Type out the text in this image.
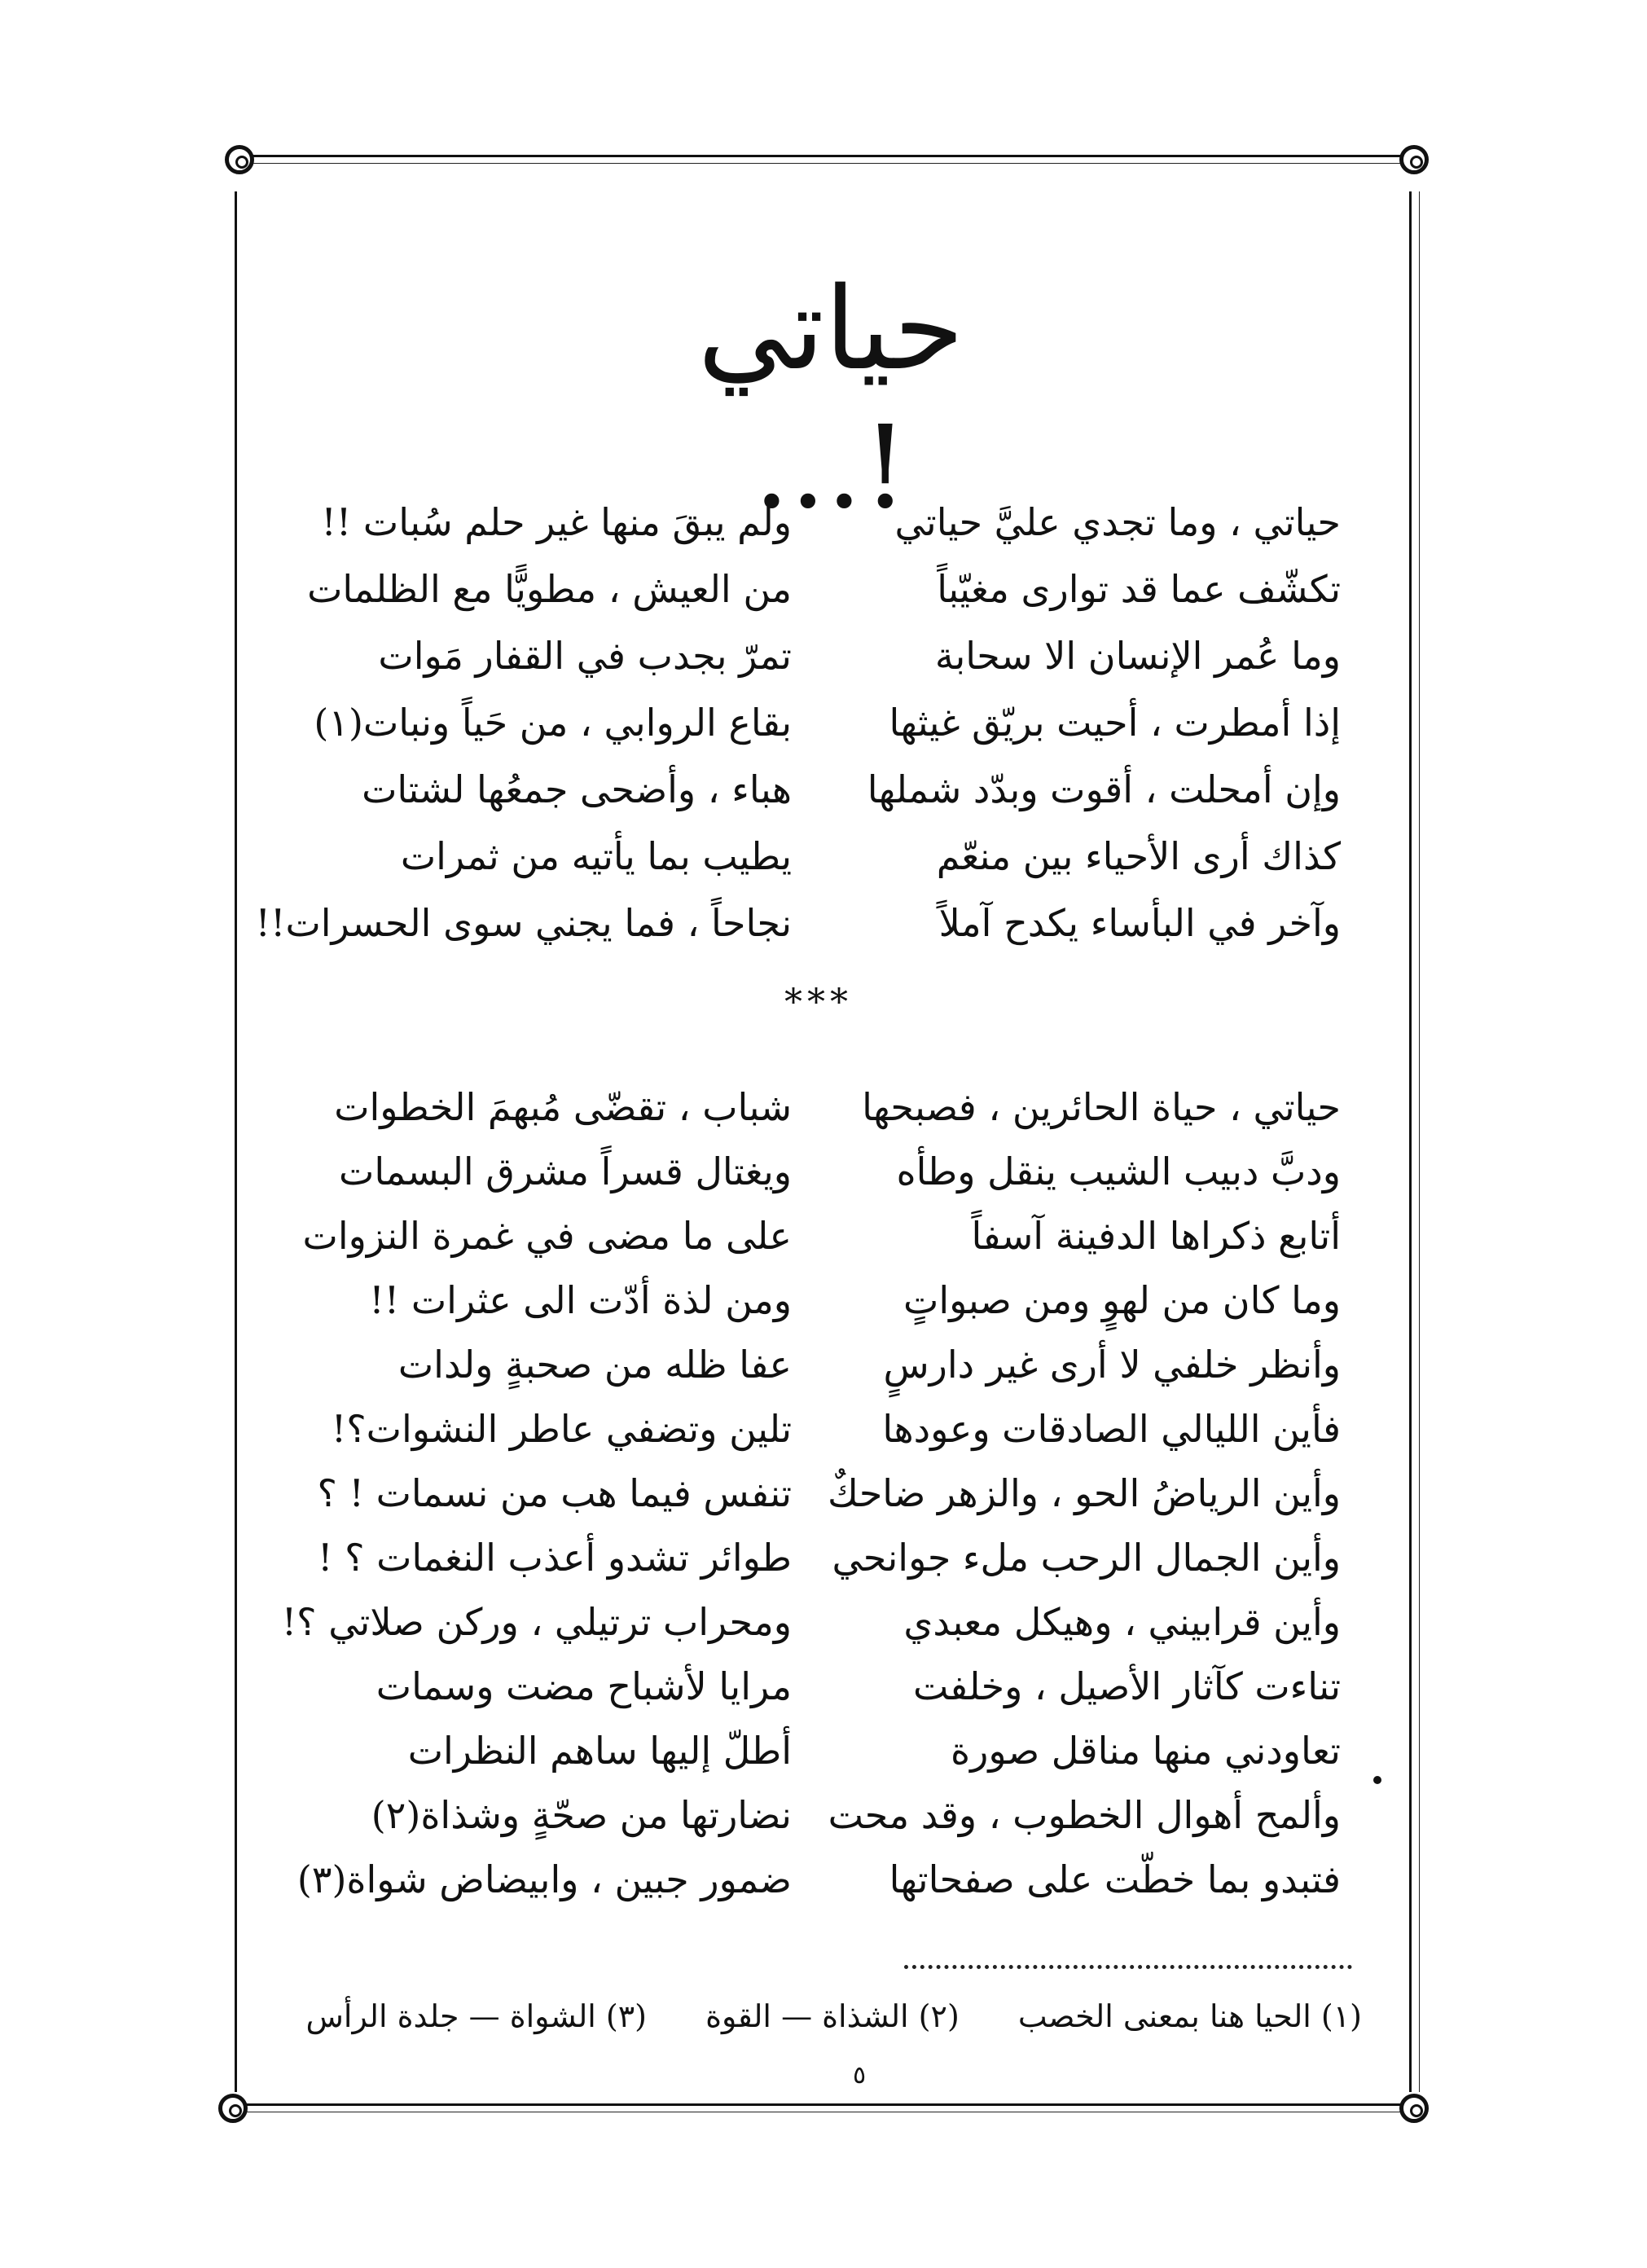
حياتي !...
حياتي ، وما تجدي عليَّ حياتي
ولم يبقَ منها غير حلم سُبات !!
تكشّف عما قد توارى مغيّباً
من العيش ، مطويًّا مع الظلمات
وما عُمر الإنسان الا سحابة
تمرّ بجدب في القفار مَوات
إذا أمطرت ، أحيت بريّق غيثها
بقاع الروابي ، من حَياً ونبات(١)
وإن أمحلت ، أقوت وبدّد شملها
هباء ، وأضحى جمعُها لشتات
كذاك أرى الأحياء بين منعّم
يطيب بما يأتيه من ثمرات
وآخر في البأساء يكدح آملاً
نجاحاً ، فما يجني سوى الحسرات!!
***
حياتي ، حياة الحائرين ، فصبحها
شباب ، تقضّى مُبهمَ الخطوات
ودبَّ دبيب الشيب ينقل وطأه
ويغتال قسراً مشرق البسمات
أتابع ذكراها الدفينة آسفاً
على ما مضى في غمرة النزوات
وما كان من لهوٍ ومن صبواتٍ
ومن لذة أدّت الى عثرات !!
وأنظر خلفي لا أرى غير دارسٍ
عفا ظله من صحبةٍ ولدات
فأين الليالي الصادقات وعودها
تلين وتضفي عاطر النشوات؟!
وأين الرياضُ الحو ، والزهر ضاحكٌ
تنفس فيما هب من نسمات ! ؟
وأين الجمال الرحب ملء جوانحي
طوائر تشدو أعذب النغمات ؟ !
وأين قرابيني ، وهيكل معبدي
ومحراب ترتيلي ، وركن صلاتي ؟!
تناءت كآثار الأصيل ، وخلفت
مرايا لأشباح مضت وسمات
تعاودني منها مناقل صورة
أطلّ إليها ساهم النظرات
وألمح أهوال الخطوب ، وقد محت
نضارتها من صحّةٍ وشذاة(٢)
فتبدو بما خطّت على صفحاتها
ضمور جبين ، وابيضاض شواة(٣)
(١) الحيا هنا بمعنى الخصب (٢) الشذاة — القوة (٣) الشواة — جلدة الرأس
٥
